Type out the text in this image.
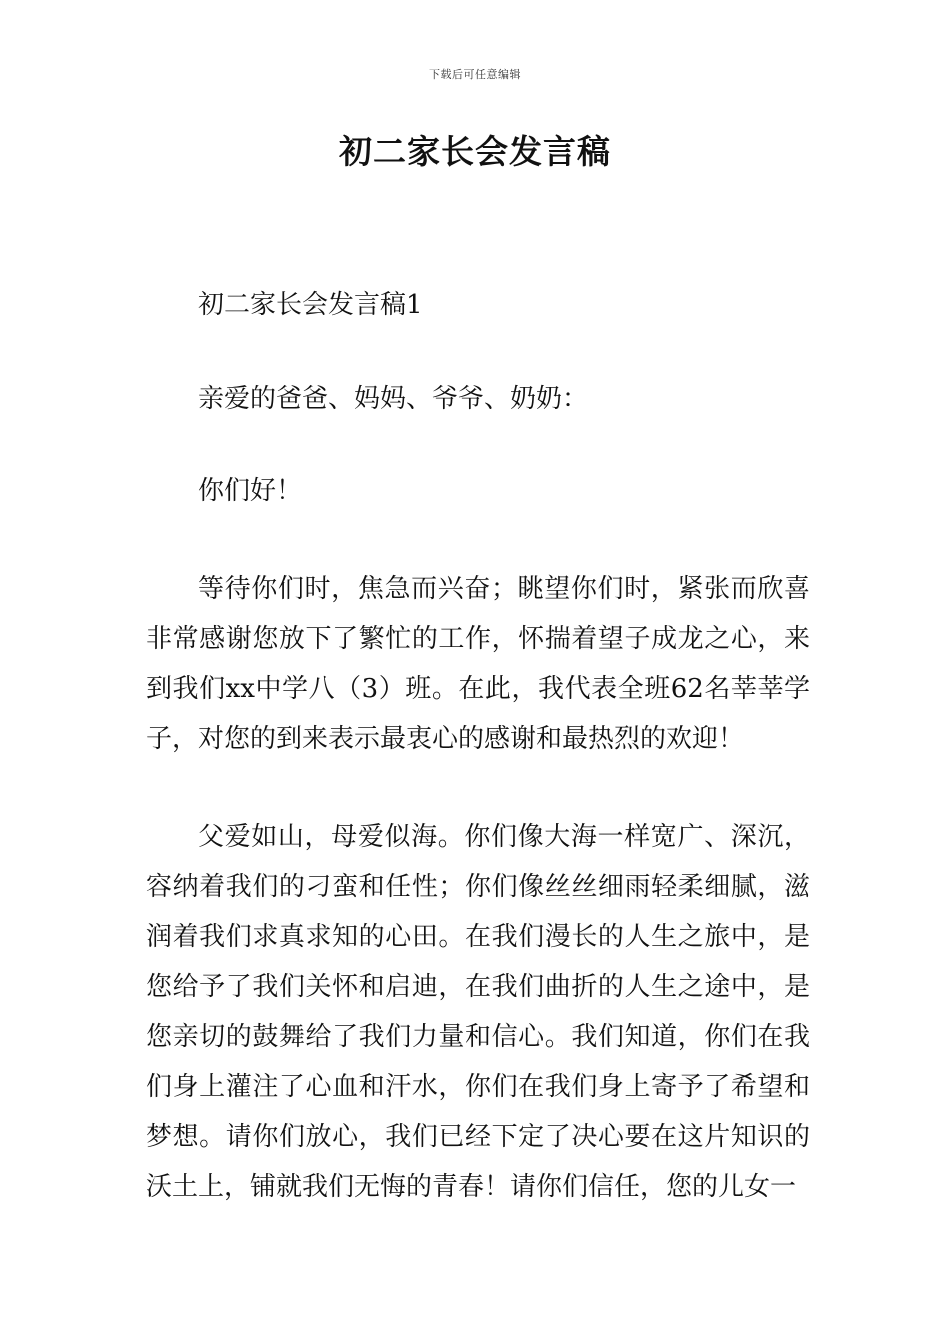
下载后可任意编辑
初二家长会发言稿

初二家长会发言稿1

亲爱的爸爸、妈妈、爷爷、奶奶：

你们好！

等待你们时，焦急而兴奋；眺望你们时，紧张而欣喜非常感谢您放下了繁忙的工作，怀揣着望子成龙之心，来到我们xx中学八（3）班。在此，我代表全班62名莘莘学子，对您的到来表示最衷心的感谢和最热烈的欢迎！

父爱如山，母爱似海。你们像大海一样宽广、深沉，容纳着我们的刁蛮和任性；你们像丝丝细雨轻柔细腻，滋润着我们求真求知的心田。在我们漫长的人生之旅中，是您给予了我们关怀和启迪，在我们曲折的人生之途中，是您亲切的鼓舞给了我们力量和信心。我们知道，你们在我们身上灌注了心血和汗水，你们在我们身上寄予了希望和梦想。请你们放心，我们已经下定了决心要在这片知识的沃土上，铺就我们无悔的青春！请你们信任，您的儿女一
